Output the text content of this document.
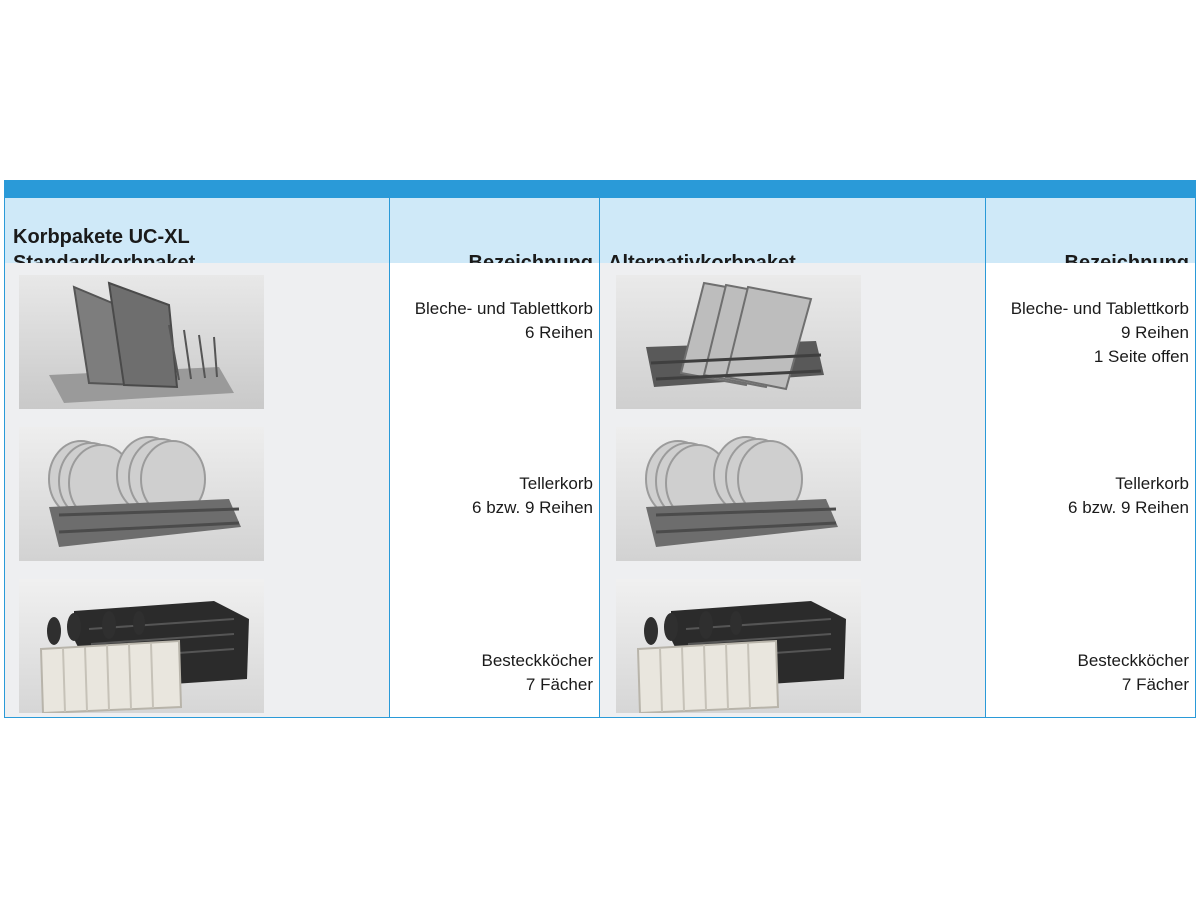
Korbpakete UC-XL
Bleche- und Tablettkorb
6 Reihen
Tellerkorb
6 bzw. 9 Reihen
Besteckköcher
7 Fächer
Bleche- und Tablettkorb
9 Reihen
1 Seite offen
Tellerkorb
6 bzw. 9 Reihen
Besteckköcher
7 Fächer
